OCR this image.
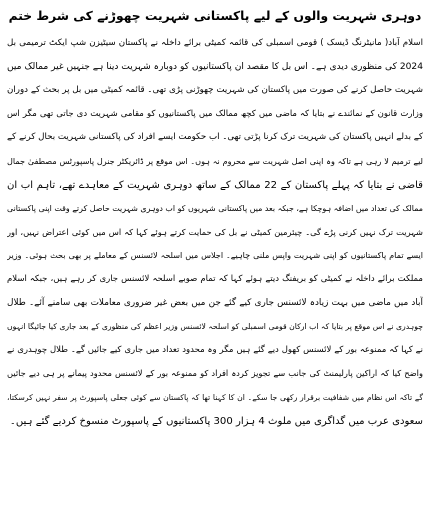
دوہری شہریت والوں کے لیے پاکستانی شہریت چھوڑنے کی شرط ختم
اسلام آباد( مانیٹرنگ ڈیسک ) قومی اسمبلی کی قائمہ کمیٹی برائے داخلہ نے پاکستان سیٹیزن شپ ایکٹ ترمیمی بل
2024 کی منظوری دیدی ہے۔ اس بل کا مقصد ان پاکستانیوں کو دوبارہ شہریت دینا ہے جنہیں غیر ممالک میں
شہریت حاصل کرنے کی صورت میں پاکستان کی شہریت چھوڑنی پڑی تھی۔ قائمہ کمیٹی میں بل پر بحث کے دوران
وزارت قانون کے نمائندے نے بتایا کہ ماضی میں کچھ ممالک میں پاکستانیوں کو مقامی شہریت دی جاتی تھی مگر اس
کے بدلے انہیں پاکستان کی شہریت ترک کرنا پڑتی تھی۔ اب حکومت ایسے افراد کی پاکستانی شہریت بحال کرنے کے
لیے ترمیم لا رہی ہے تاکہ وہ اپنی اصل شہریت سے محروم نہ ہوں۔ اس موقع پر ڈائریکٹر جنرل پاسپورٹس مصطفیٰ جمال
قاضی نے بتایا کہ پہلے پاکستان کے 22 ممالک کے ساتھ دوہری شہریت کے معاہدے تھے، تاہم اب ان
ممالک کی تعداد میں اضافہ ہوچکا ہے، جبکہ بعد میں پاکستانی شہریوں کو اب دوہری شہریت حاصل کرتے وقت اپنی پاکستانی
شہریت ترک نہیں کرنی پڑے گی۔ چیئرمین کمیٹی نے بل کی حمایت کرتے ہوئے کہا کہ اس میں کوئی اعتراض نہیں، اور
ایسے تمام پاکستانیوں کو اپنی شہریت واپس ملنی چاہیے۔ اجلاس میں اسلحہ لائسنس کے معاملے پر بھی بحث ہوئی۔ وزیر
مملکت برائے داخلہ نے کمیٹی کو بریفنگ دیتے ہوئے کہا کہ تمام صوبے اسلحہ لائسنس جاری کر رہے ہیں، جبکہ اسلام
آباد میں ماضی میں بہت زیادہ لائسنس جاری کیے گئے جن میں بعض غیر ضروری معاملات بھی سامنے آئے۔ طلال
چوہدری نے اس موقع پر بتایا کہ اب ارکان قومی اسمبلی کو اسلحہ لائسنس وزیر اعظم کی منظوری کے بعد جاری کیا جائیگا انہوں
نے کہا کہ ممنوعہ بور کے لائسنس کھول دیے گئے ہیں مگر وہ محدود تعداد میں جاری کیے جائیں گے۔ طلال چوہدری نے
واضح کیا کہ اراکین پارلیمنٹ کی جانب سے تجویز کردہ افراد کو ممنوعہ بور کے لائسنس محدود پیمانے پر ہی دیے جائیں
گے تاکہ اس نظام میں شفافیت برقرار رکھی جا سکے۔ ان کا کہنا تھا کہ پاکستان سے کوئی جعلی پاسپورٹ پر سفر نہیں کرسکتا،
سعودی عرب میں گداگری میں ملوث 4 ہزار 300 پاکستانیوں کے پاسپورٹ منسوخ کردیے گئے ہیں۔
